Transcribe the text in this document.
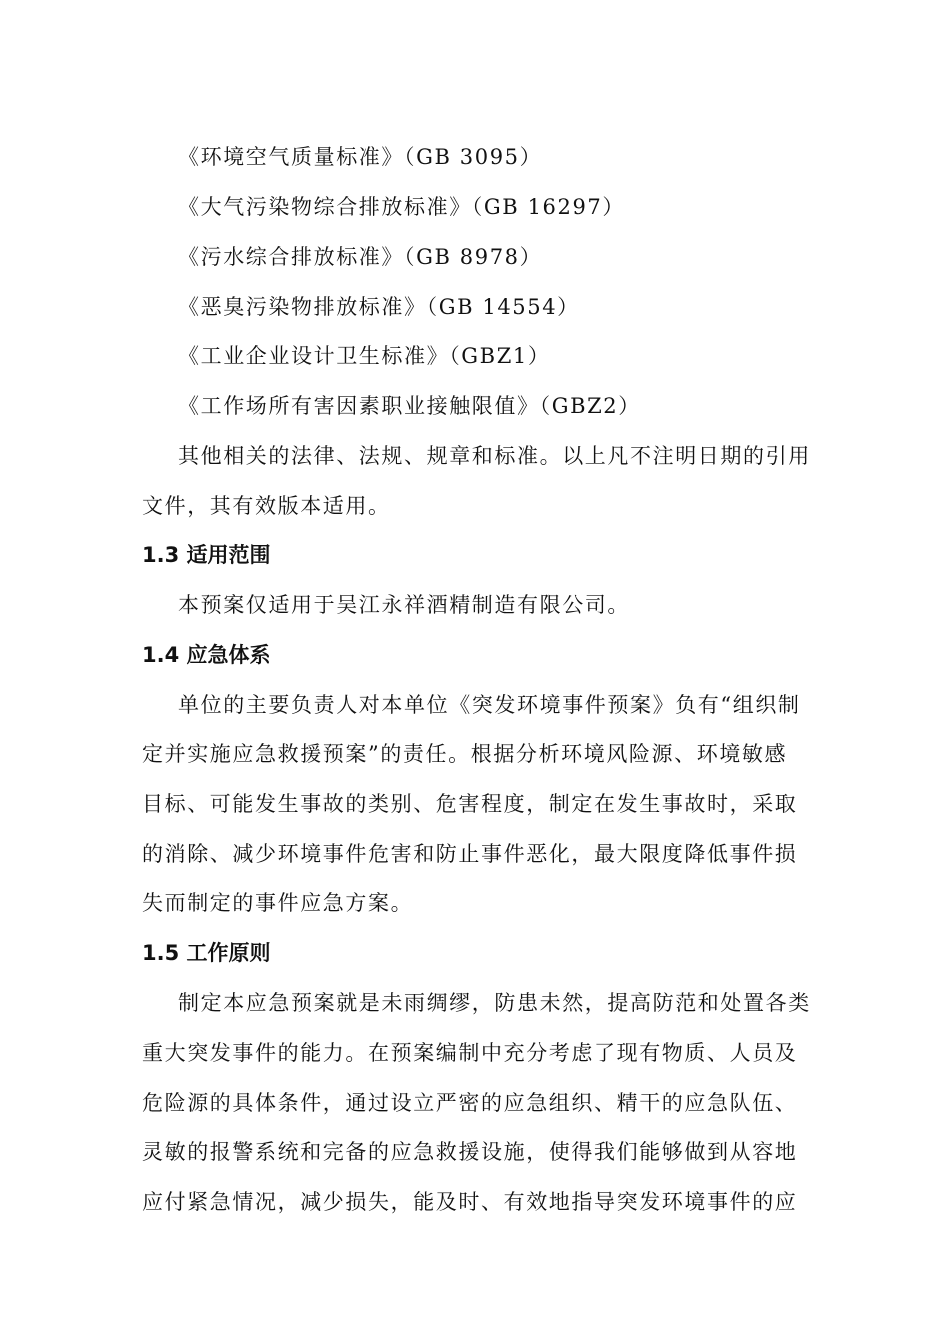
《环境空气质量标准》（GB 3095）
《大气污染物综合排放标准》（GB 16297）
《污水综合排放标准》（GB 8978）
《恶臭污染物排放标准》（GB 14554）
《工业企业设计卫生标准》（GBZ1）
《工作场所有害因素职业接触限值》（GBZ2）
其他相关的法律、法规、规章和标准。以上凡不注明日期的引用
文件，其有效版本适用。
1.3 适用范围
本预案仅适用于吴江永祥酒精制造有限公司。
1.4 应急体系
单位的主要负责人对本单位《突发环境事件预案》负有“组织制
定并实施应急救援预案”的责任。根据分析环境风险源、环境敏感
目标、可能发生事故的类别、危害程度，制定在发生事故时，采取
的消除、减少环境事件危害和防止事件恶化，最大限度降低事件损
失而制定的事件应急方案。
1.5 工作原则
制定本应急预案就是未雨绸缪，防患未然，提高防范和处置各类
重大突发事件的能力。在预案编制中充分考虑了现有物质、人员及
危险源的具体条件，通过设立严密的应急组织、精干的应急队伍、
灵敏的报警系统和完备的应急救援设施，使得我们能够做到从容地
应付紧急情况，减少损失，能及时、有效地指导突发环境事件的应
